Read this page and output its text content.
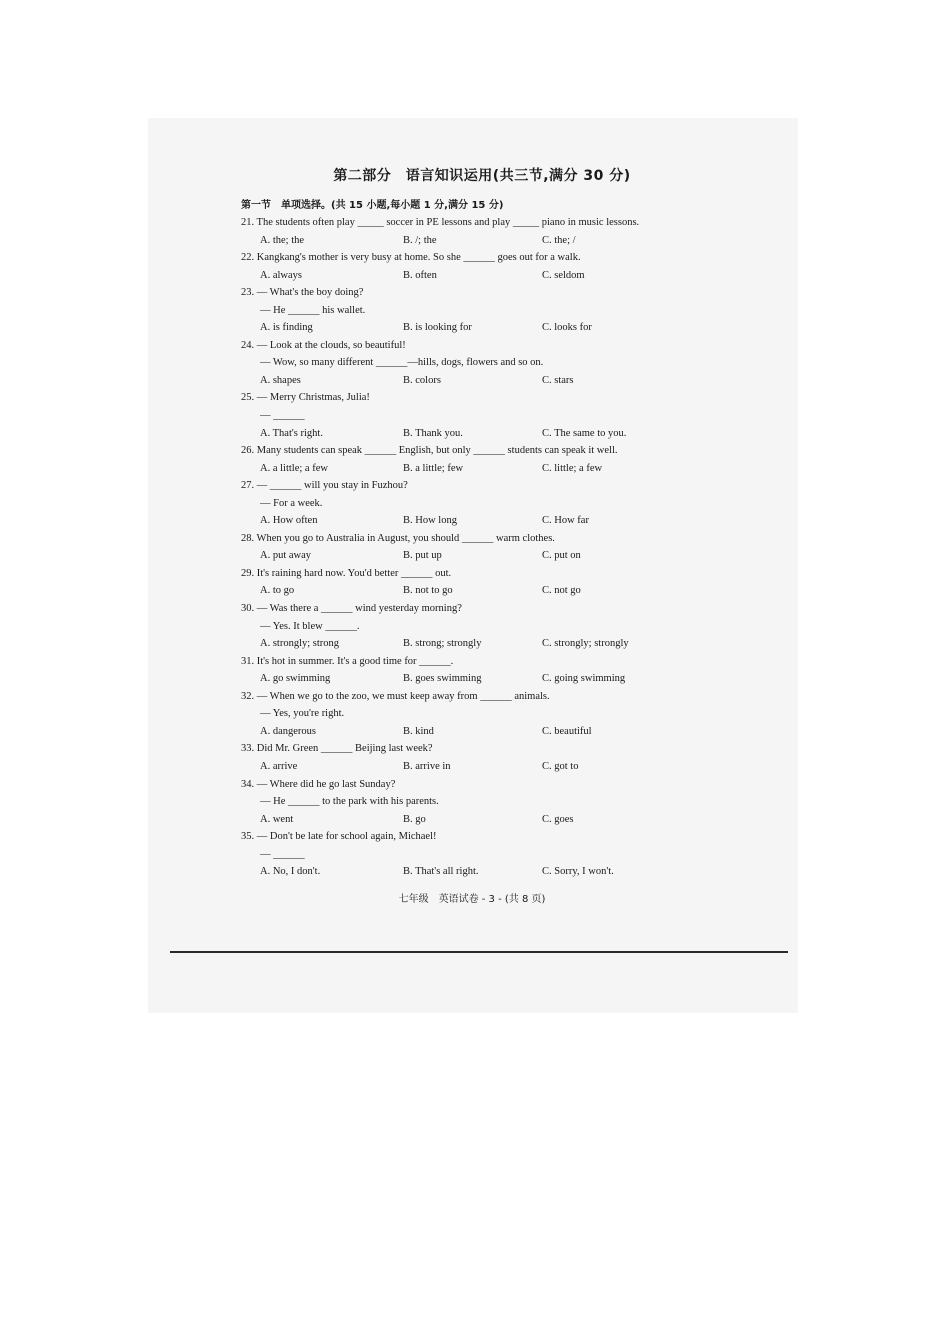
第二部分　语言知识运用(共三节,满分 30 分)
第一节　单项选择。(共 15 小题,每小题 1 分,满分 15 分)
21. The students often play _____ soccer in PE lessons and play _____ piano in music lessons.
A. the; the	B. /; the	C. the; /
22. Kangkang's mother is very busy at home. So she ______ goes out for a walk.
A. always	B. often	C. seldom
23. — What's the boy doing?
— He ______ his wallet.
A. is finding	B. is looking for	C. looks for
24. — Look at the clouds, so beautiful!
— Wow, so many different ______—hills, dogs, flowers and so on.
A. shapes	B. colors	C. stars
25. — Merry Christmas, Julia!
— ______
A. That's right.	B. Thank you.	C. The same to you.
26. Many students can speak ______ English, but only ______ students can speak it well.
A. a little; a few	B. a little; few	C. little; a few
27. — ______ will you stay in Fuzhou?
— For a week.
A. How often	B. How long	C. How far
28. When you go to Australia in August, you should ______ warm clothes.
A. put away	B. put up	C. put on
29. It's raining hard now. You'd better ______ out.
A. to go	B. not to go	C. not go
30. — Was there a ______ wind yesterday morning?
— Yes. It blew ______.
A. strongly; strong	B. strong; strongly	C. strongly; strongly
31. It's hot in summer. It's a good time for ______.
A. go swimming	B. goes swimming	C. going swimming
32. — When we go to the zoo, we must keep away from ______ animals.
— Yes, you're right.
A. dangerous	B. kind	C. beautiful
33. Did Mr. Green ______ Beijing last week?
A. arrive	B. arrive in	C. got to
34. — Where did he go last Sunday?
— He ______ to the park with his parents.
A. went	B. go	C. goes
35. — Don't be late for school again, Michael!
— ______
A. No, I don't.	B. That's all right.	C. Sorry, I won't.
七年级　英语试卷 - 3 - (共 8 页)
